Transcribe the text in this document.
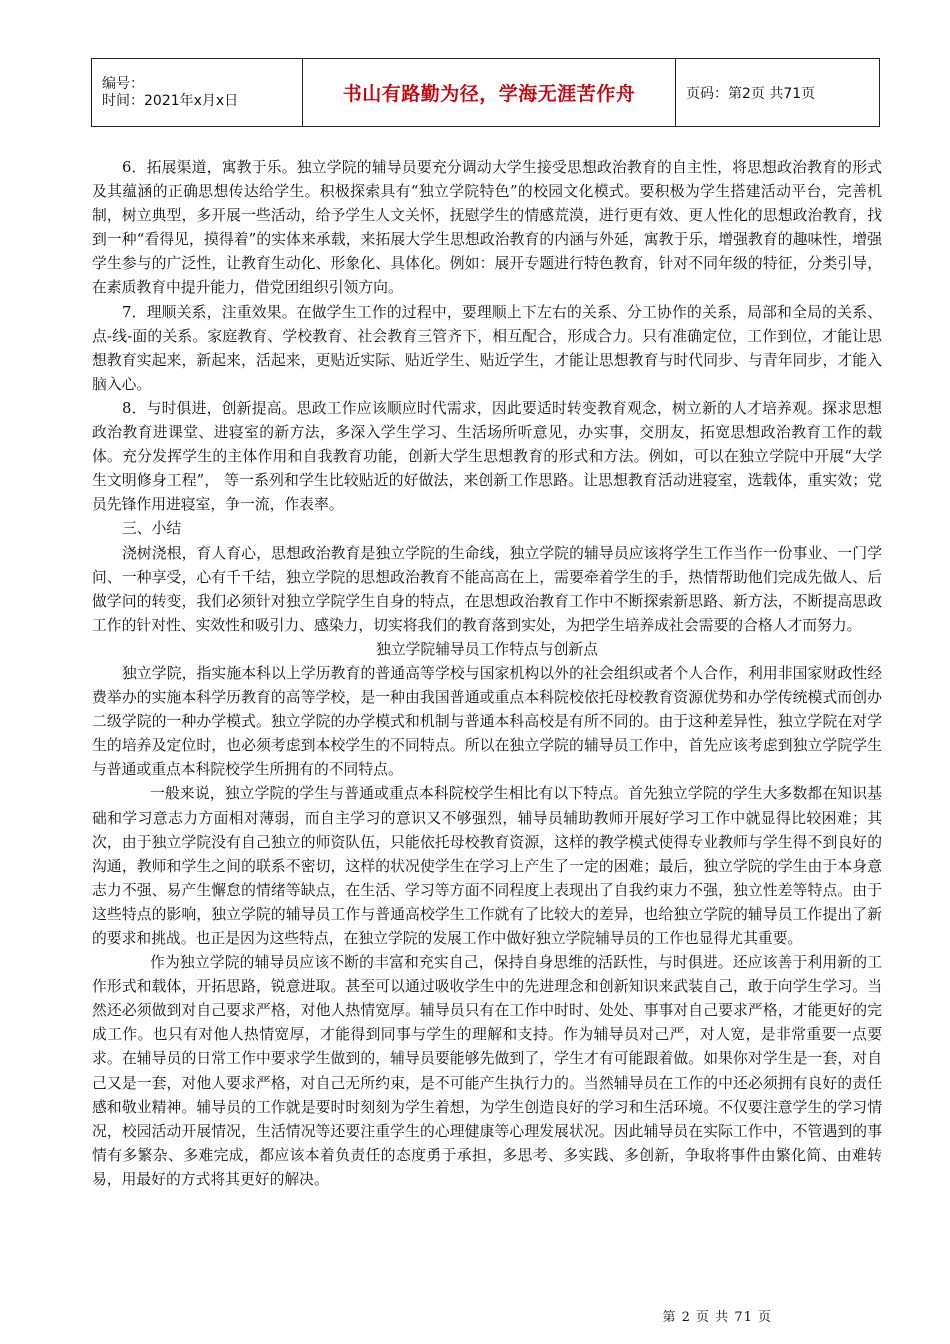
编号：
时间：2021年x月x日	书山有路勤为径，学海无涯苦作舟	页码：第2页 共71页

6．拓展渠道，寓教于乐。独立学院的辅导员要充分调动大学生接受思想政治教育的自主性，将思想政治教育的形式及其蕴涵的正确思想传达给学生。积极探索具有“独立学院特色”的校园文化模式。要积极为学生搭建活动平台，完善机制，树立典型，多开展一些活动，给予学生人文关怀，抚慰学生的情感荒漠，进行更有效、更人性化的思想政治教育，找到一种“看得见，摸得着”的实体来承载，来拓展大学生思想政治教育的内涵与外延，寓教于乐，增强教育的趣味性，增强学生参与的广泛性，让教育生动化、形象化、具体化。例如：展开专题进行特色教育，针对不同年级的特征，分类引导，在素质教育中提升能力，借党团组织引领方向。

7．理顺关系，注重效果。在做学生工作的过程中，要理顺上下左右的关系、分工协作的关系，局部和全局的关系、点-线-面的关系。家庭教育、学校教育、社会教育三管齐下，相互配合，形成合力。只有准确定位，工作到位，才能让思想教育实起来，新起来，活起来，更贴近实际、贴近学生、贴近学生，才能让思想教育与时代同步、与青年同步，才能入脑入心。

8．与时俱进，创新提高。思政工作应该顺应时代需求，因此要适时转变教育观念，树立新的人才培养观。探求思想政治教育进课堂、进寝室的新方法，多深入学生学习、生活场所听意见，办实事，交朋友，拓宽思想政治教育工作的载体。充分发挥学生的主体作用和自我教育功能，创新大学生思想教育的形式和方法。例如，可以在独立学院中开展“大学生文明修身工程”， 等一系列和学生比较贴近的好做法，来创新工作思路。让思想教育活动进寝室，选载体，重实效；党员先锋作用进寝室，争一流，作表率。

三、小结

浇树浇根，育人育心，思想政治教育是独立学院的生命线，独立学院的辅导员应该将学生工作当作一份事业、一门学问、一种享受，心有千千结，独立学院的思想政治教育不能高高在上，需要牵着学生的手，热情帮助他们完成先做人、后做学问的转变，我们必须针对独立学院学生自身的特点，在思想政治教育工作中不断探索新思路、新方法，不断提高思政工作的针对性、实效性和吸引力、感染力，切实将我们的教育落到实处，为把学生培养成社会需要的合格人才而努力。

独立学院辅导员工作特点与创新点

独立学院，指实施本科以上学历教育的普通高等学校与国家机构以外的社会组织或者个人合作，利用非国家财政性经费举办的实施本科学历教育的高等学校，是一种由我国普通或重点本科院校依托母校教育资源优势和办学传统模式而创办二级学院的一种办学模式。独立学院的办学模式和机制与普通本科高校是有所不同的。由于这种差异性，独立学院在对学生的培养及定位时，也必须考虑到本校学生的不同特点。所以在独立学院的辅导员工作中，首先应该考虑到独立学院学生与普通或重点本科院校学生所拥有的不同特点。

一般来说，独立学院的学生与普通或重点本科院校学生相比有以下特点。首先独立学院的学生大多数都在知识基础和学习意志力方面相对薄弱，而自主学习的意识又不够强烈，辅导员辅助教师开展好学习工作中就显得比较困难；其次，由于独立学院没有自己独立的师资队伍，只能依托母校教育资源，这样的教学模式使得专业教师与学生得不到良好的沟通，教师和学生之间的联系不密切，这样的状况使学生在学习上产生了一定的困难；最后，独立学院的学生由于本身意志力不强、易产生懈怠的情绪等缺点，在生活、学习等方面不同程度上表现出了自我约束力不强，独立性差等特点。由于这些特点的影响，独立学院的辅导员工作与普通高校学生工作就有了比较大的差异，也给独立学院的辅导员工作提出了新的要求和挑战。也正是因为这些特点，在独立学院的发展工作中做好独立学院辅导员的工作也显得尤其重要。

作为独立学院的辅导员应该不断的丰富和充实自己，保持自身思维的活跃性，与时俱进。还应该善于利用新的工作形式和载体，开拓思路，锐意进取。甚至可以通过吸收学生中的先进理念和创新知识来武装自己，敢于向学生学习。当然还必须做到对自己要求严格，对他人热情宽厚。辅导员只有在工作中时时、处处、事事对自己要求严格，才能更好的完成工作。也只有对他人热情宽厚，才能得到同事与学生的理解和支持。作为辅导员对己严，对人宽，是非常重要一点要求。在辅导员的日常工作中要求学生做到的，辅导员要能够先做到了，学生才有可能跟着做。如果你对学生是一套，对自己又是一套，对他人要求严格，对自己无所约束，是不可能产生执行力的。当然辅导员在工作的中还必须拥有良好的责任感和敬业精神。辅导员的工作就是要时时刻刻为学生着想，为学生创造良好的学习和生活环境。不仅要注意学生的学习情况，校园活动开展情况，生活情况等还要注重学生的心理健康等心理发展状况。因此辅导员在实际工作中，不管遇到的事情有多繁杂、多难完成，都应该本着负责任的态度勇于承担，多思考、多实践、多创新，争取将事件由繁化简、由难转易，用最好的方式将其更好的解决。

第 2 页 共 71 页
